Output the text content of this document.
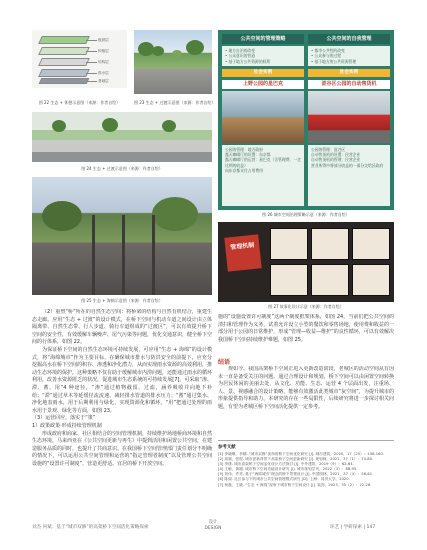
植被层
种植层
结构层
排水层
基础层
图 22 生态 + 休憩示意图（来源：作者自绘）	图 23 生态 + 过渡示意图（来源：作者自绘）
图 24 生态 + 过渡示意图（来源：作者自绘）
图 25 生态 + 海绵示意图（来源：作者自绘）
公共空间的管理策略	公共空间的自我管理
• 地方自治的改变
• 公众意识的营造
• 基于地方公共资源的权利
• 都市公共性的改变
• 公众参与的过程
• 基于地方的公共资源管理
社会实例	社会实例
上野公园的星巴克	涩谷区公园的自动售货机
公园的管理：地方政府
露天咖啡厅的设置：东京都
露天咖啡厅的运营：星巴克（含管理费、一定比例的收益）
向东京都支付占用费用
公园的管理：涩谷区
自动售货机的设置：民营企业
自动售货机的管理：民营企业
营业所得中将部分收益的一部分交给区政府
图 26 城市空间治理策略示意（来源：作者自绘）
管理机制
图 27 故事化设计示意（来源：作者自绘）

（2）重塑“桥”所在的自然生态空间：将桥梁的结构与自然有机结合，重建生态走廊。应用“生态 + 过渡”的设计模式，在桥下空间与机动车道之间设计由立体隔离带、自然生态带、行人步道、骑行车道组成的“过渡区”，可以有效提升桥下空间的安全性，有效缓解车辆噪声、尾气污染等问题，优化交通意识，健全桥下空间的行体系，如图 22。

为保证桥下空间的自然生态环境可持续发展，可应用“生态 + 海绵”的设计模式，将“海绵城市”作为主要目标，在确保城市排水与防洪安全的前提下，应充分挖掘高水在桥下空间的积存、渗透和净化潜力，从而实现雨水资源的高效利用，推动生态环境的保护。这种策略不仅有助于缓解城市内涝问题，还能通过雨水的循环利用，改善水资源匮乏的状况，促进城市生态系统的可持续发展[7]。可采取“渗、滞、蓄、用”4 种途径，“渗”通过植物截留、过滤，涵养吸收并向地下补给；“滞”通过草木等延缓径流流速，减轻排水管道的排水压力；“蓄”通过集水、净化地表雨水，用于后期利用与绿化，实现资源化和循环。“用”把通过处理的雨水用于景观、绿化等方面，如图 23。

（3）运营回应，落实于“策”

1）政策政策·形成持续管理机制

形成政府和商家、社区相结合的空间管理机制，持续维护场地桥商环境和自然生态环境。马来西亚在《公共空间更新与再生》中提到活用和闲置公共空间，在建造服务品质的同时，也提升了共商意识。在我国桥下空间管理部门责任划分不明确的情况下，可以运用公共空间管理和运营的“指定管理者制度”以及管理公共空间设施的“设置许可制度”，营造更舒适、宜居的桥下开放空间。

施的“设施设置许可制度”这两个制度框架体系，如图 24。当前们把公共空间的清扫和管理作为义务，试着允许设立小型的餐饮和零售场地，使用费和收益的一部分用于公园的日常维护，形成“管理—收益—维护”的良性循环，可以有效解决我国桥下空间持续维护难题，如图 25。
结语
规如今，我国高架桥下空间正进入更新改造阶段，老城区的活动空间从有因未一直是备受关注的问题。通过合理设计和规划，桥下空间可以由闲置空间转换为居民休闲的美丽去处，从文化、功能、生态、运营 4 个层面出发，注重场、人、景、视感融合的设计策略，能够有效激活此类城市“灰空间”，为提升城市的形象提供指导和助力，本研究的存在一些局限性，后续研究将进一步探讨相关问题，有望为老城区桥下空间活化提供一定参考。
参考文献
[1] 李晓琳，李娜. “城市双修”视角的桥下空间优化研究 [J]. 城市建筑，2020，17（25）：158-160.
[2] 周颖，张煜. 城市更新背景下高架桥下空间更新研究 [J]. 规划师，2021，37（1）：74-80.
[3] 李康. 城市高架桥下空间活化设计方法探讨 [J]. 中外建筑，2019（9）：62-64.
[4] 王敏，黄刚. 城市桥下空间功能设计研究 [J]. 城市规划学刊，2022（3）：88-95.
[5] 刘伟，许亮. 基于“海绵城市”理念的桥下景观设计 [J]. 中国园林，2021，37（4）：56-61.
[6] 陈丽. 社区参与下的城市公共空间管理模式研究 [D]. 上海：同济大学，2020.
[7] 杨磊，王晓. “生态 + 海绵”视角下城市桥下空间设计 [J]. 装饰，2023，35（2）：22-26.
刘杰 何斌：基于“城市双修”的高架桥下空间活化策略探索
设计
DESIGN	环艺 | 学研探索 | 147
